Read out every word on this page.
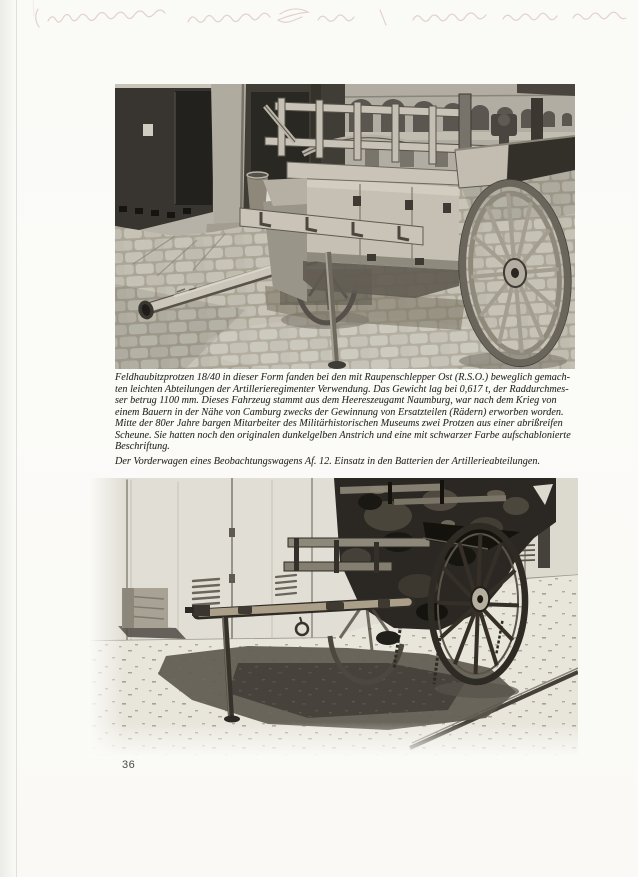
Feldhaubitzprotzen 18/40 in dieser Form fanden bei den mit Raupenschlepper Ost (R.S.O.) beweglich gemach-
ten leichten Abteilungen der Artillerieregimenter Verwendung. Das Gewicht lag bei 0,617 t, der Raddurchmes-
ser betrug 1100 mm. Dieses Fahrzeug stammt aus dem Heereszeugamt Naumburg, war nach dem Krieg von
einem Bauern in der Nähe von Camburg zwecks der Gewinnung von Ersatzteilen (Rädern) erworben worden.
Mitte der 80er Jahre bargen Mitarbeiter des Militärhistorischen Museums zwei Protzen aus einer abrißreifen
Scheune. Sie hatten noch den originalen dunkelgelben Anstrich und eine mit schwarzer Farbe aufschablonierte
Beschriftung.
Der Vorderwagen eines Beobachtungswagens Af. 12. Einsatz in den Batterien der Artillerieabteilungen.
36
